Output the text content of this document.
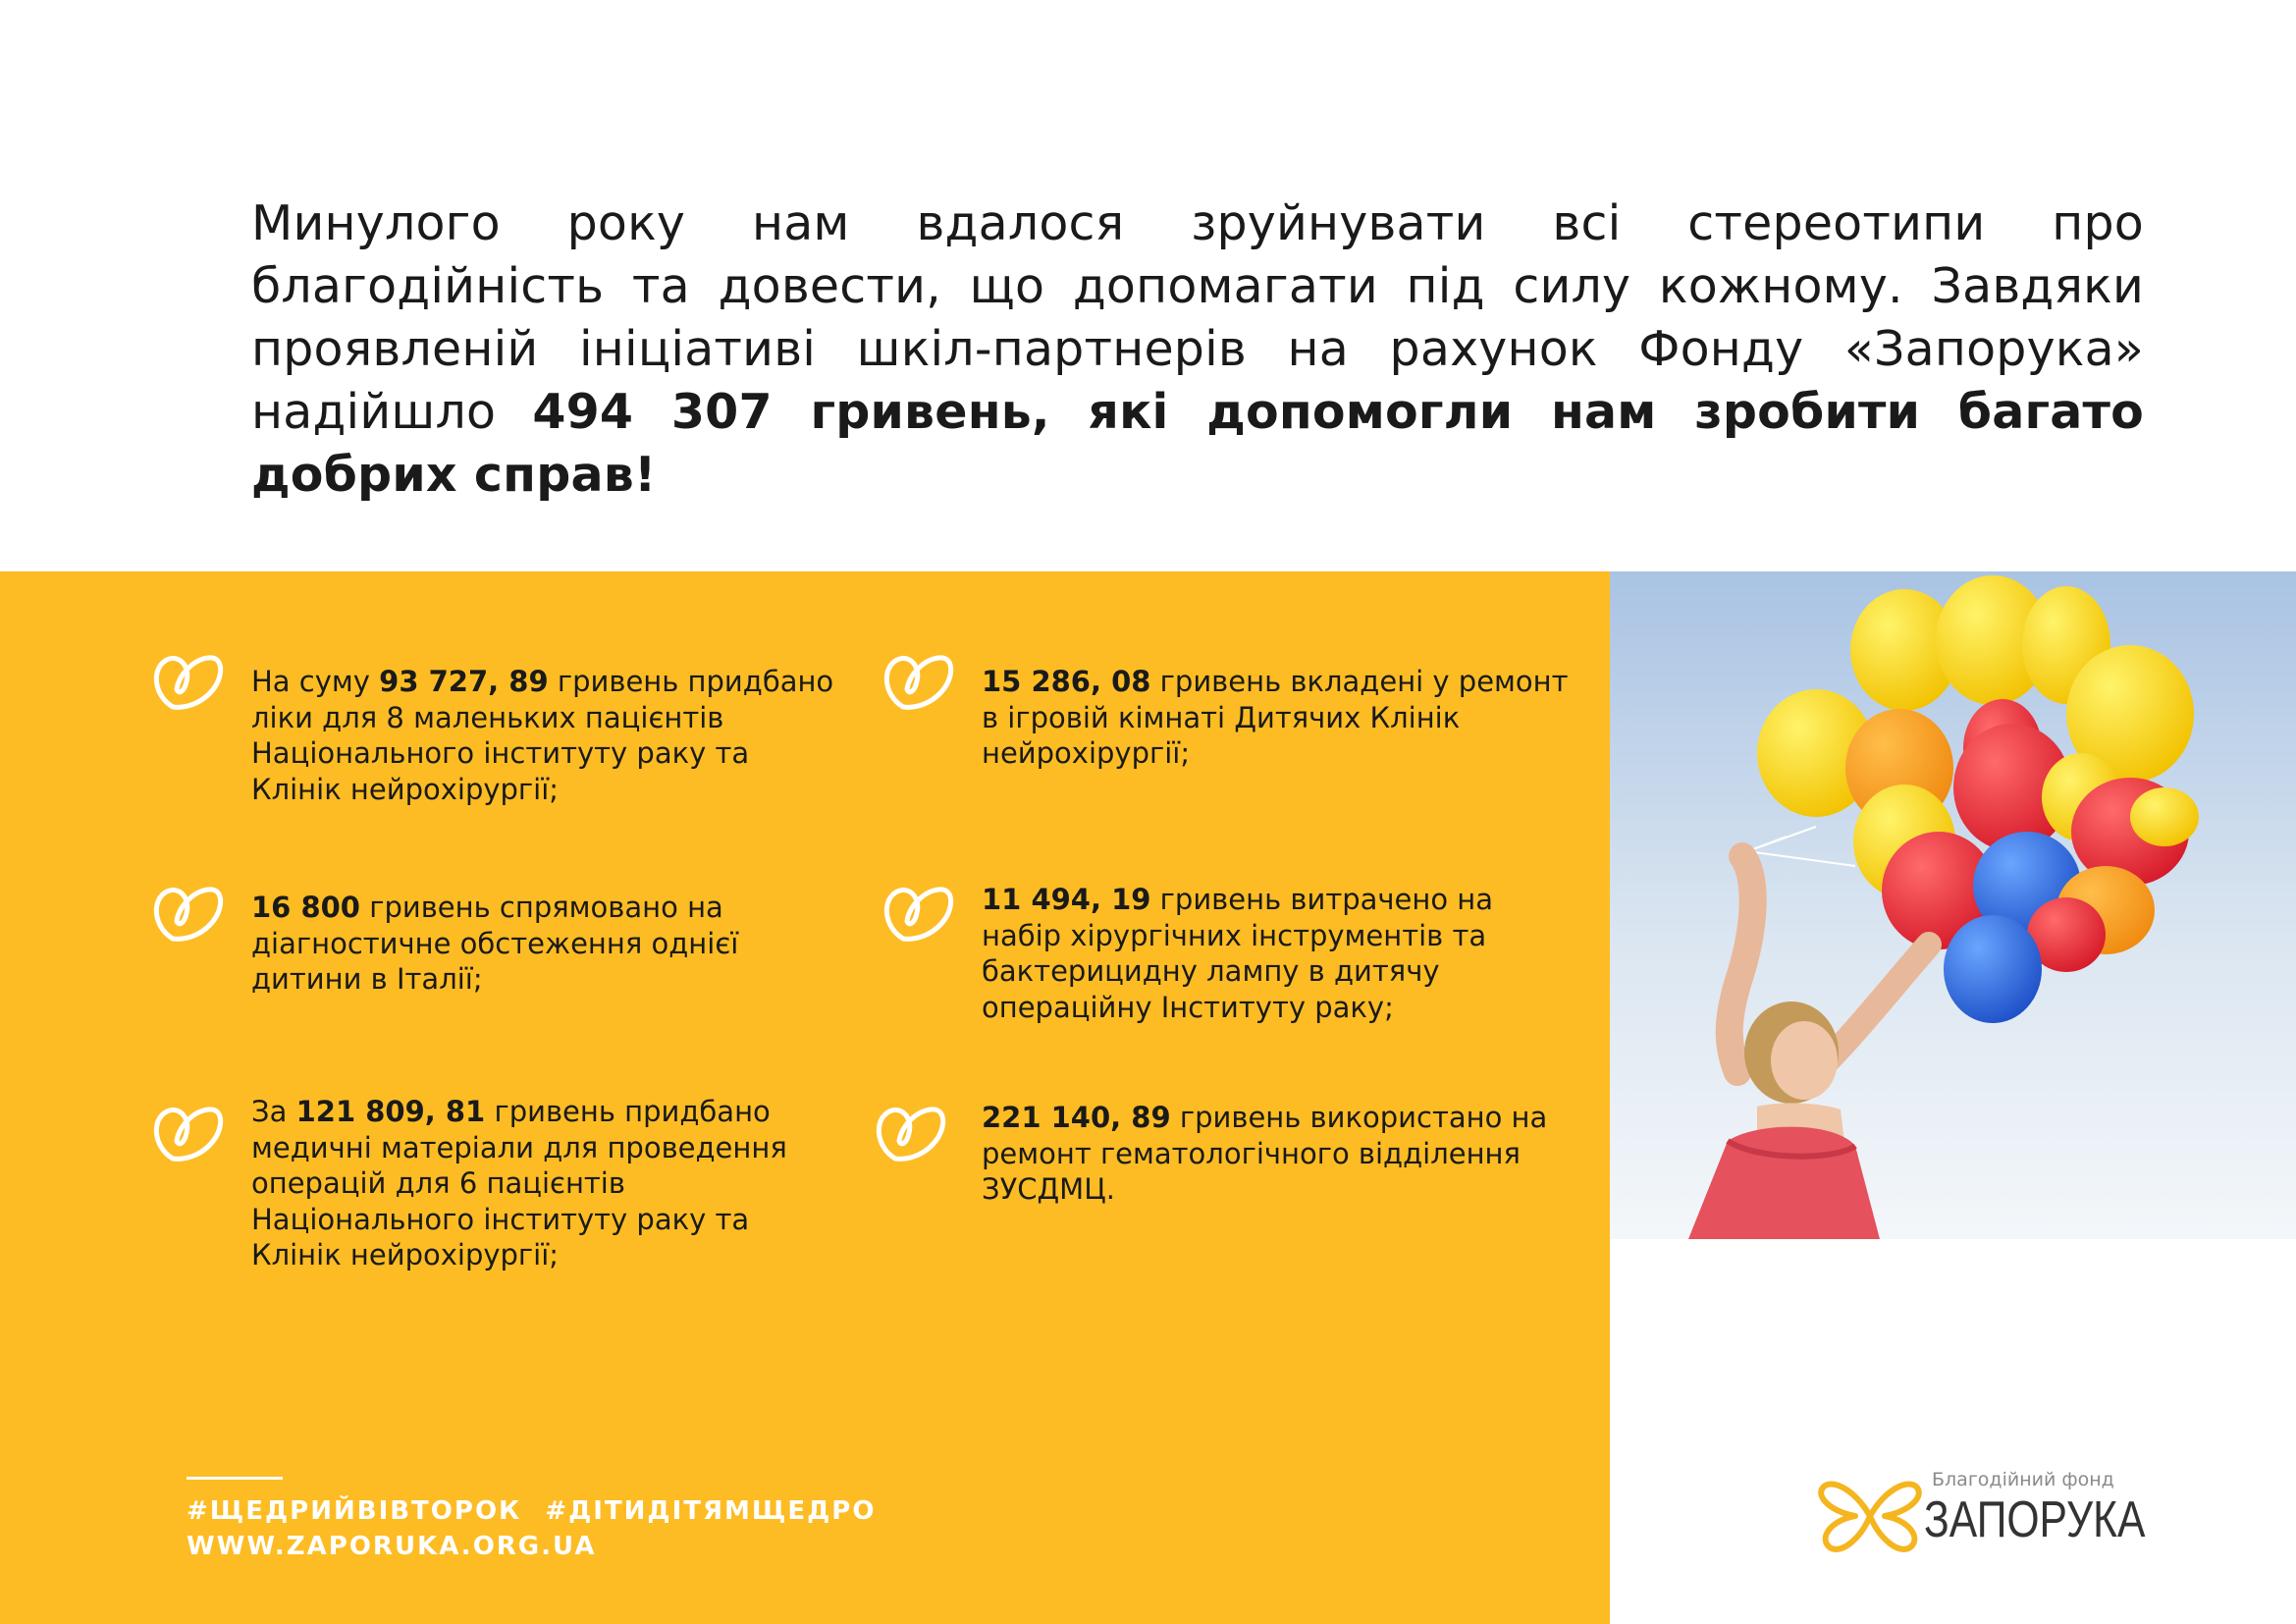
Минулого року нам вдалося зруйнувати всі стереотипи про благодійність та довести, що допомагати під силу кожному. Завдяки проявленій ініціативі шкіл-партнерів на рахунок Фонду «Запорука» надійшло 494 307 гривень, які допомогли нам зробити багато добрих справ!
На суму 93 727, 89 гривень придбано ліки для 8 маленьких пацієнтів Національного інституту раку та Клінік нейрохірургії;
16 800 гривень спрямовано на діагностичне обстеження однієї дитини в Італії;
За 121 809, 81 гривень придбано медичні матеріали для проведення операцій для 6 пацієнтів Національного інституту раку та Клінік нейрохірургії;
15 286, 08 гривень вкладені у ремонт в ігровій кімнаті Дитячих Клінік нейрохірургії;
11 494, 19 гривень витрачено на набір хірургічних інструментів та бактерицидну лампу в дитячу операційну Інституту раку;
221 140, 89 гривень використано на ремонт гематологічного відділення ЗУСДМЦ.
#ЩЕДРИЙВІВТОРОК #ДІТИДІТЯМЩЕДРО
WWW.ZAPORUKA.ORG.UA
Благодійний фонд
ЗАПОРУКА
